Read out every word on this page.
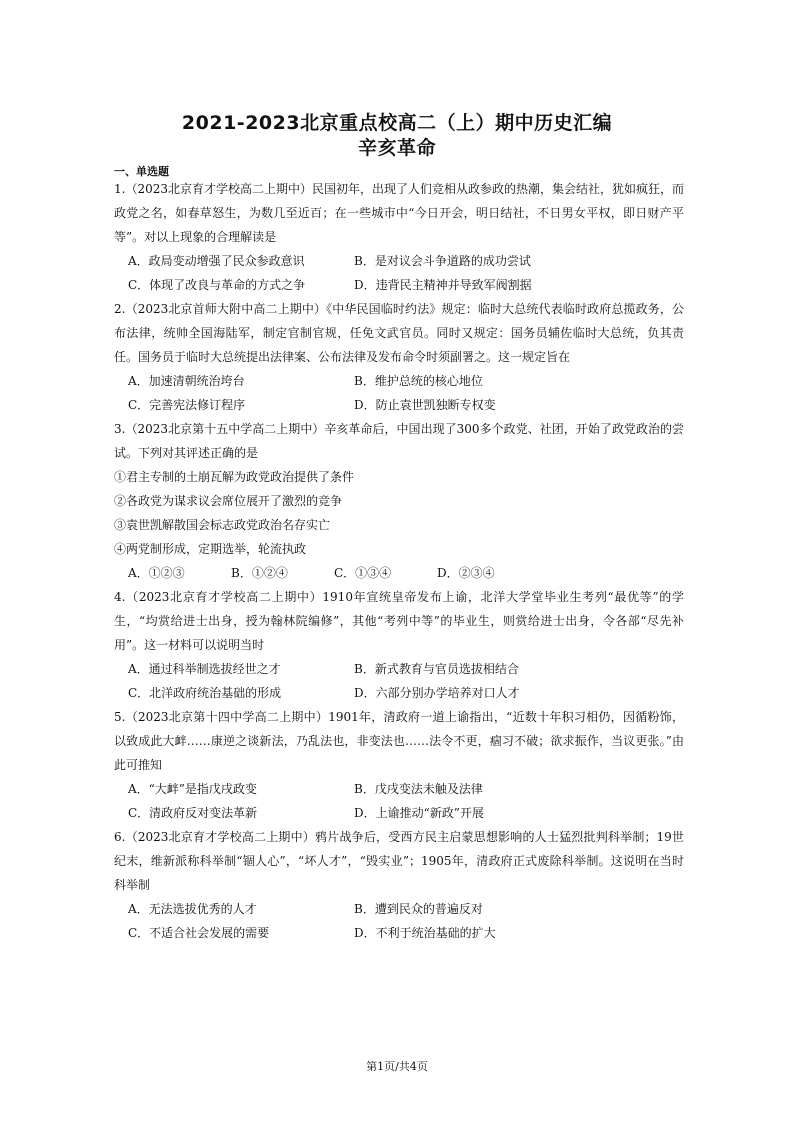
2021-2023北京重点校高二（上）期中历史汇编
辛亥革命
一、单选题

1.（2023北京育才学校高二上期中）民国初年，出现了人们竞相从政参政的热潮，集会结社，犹如疯狂，而政党之名，如春草怒生，为数几至近百；在一些城市中“今日开会，明日结社，不日男女平权，即日财产平等”。对以上现象的合理解读是

A．政局变动增强了民众参政意识	B．是对议会斗争道路的成功尝试
C．体现了改良与革命的方式之争	D．违背民主精神并导致军阀割据

2.（2023北京首师大附中高二上期中）《中华民国临时约法》规定：临时大总统代表临时政府总揽政务，公布法律，统帅全国海陆军，制定官制官规，任免文武官员。同时又规定：国务员辅佐临时大总统，负其责任。国务员于临时大总统提出法律案、公布法律及发布命令时须副署之。这一规定旨在

A．加速清朝统治垮台	B．维护总统的核心地位
C．完善宪法修订程序	D．防止袁世凯独断专权变

3.（2023北京第十五中学高二上期中）辛亥革命后，中国出现了300多个政党、社团，开始了政党政治的尝试。下列对其评述正确的是

①君主专制的土崩瓦解为政党政治提供了条件

②各政党为谋求议会席位展开了激烈的竞争

③袁世凯解散国会标志政党政治名存实亡

④两党制形成，定期选举，轮流执政

A．①②③	B．①②④	C．①③④	D．②③④

4.（2023北京育才学校高二上期中）1910年宣统皇帝发布上谕，北洋大学堂毕业生考列“最优等”的学生，“均赏给进士出身，授为翰林院编修”，其他“考列中等”的毕业生，则赏给进士出身，令各部“尽先补用”。这一材料可以说明当时

A．通过科举制选拔经世之才	B．新式教育与官员选拔相结合
C．北洋政府统治基础的形成	D．六部分别办学培养对口人才

5.（2023北京第十四中学高二上期中）1901年，清政府一道上谕指出，“近数十年积习相仍，因循粉饰，以致成此大衅……康逆之谈新法，乃乱法也，非变法也……法令不更，痼习不破；欲求振作，当议更张。”由此可推知

A．“大衅”是指戊戌政变	B．戊戌变法未触及法律
C．清政府反对变法革新	D．上谕推动“新政”开展

6.（2023北京育才学校高二上期中）鸦片战争后，受西方民主启蒙思想影响的人士猛烈批判科举制；19世纪末，维新派称科举制“锢人心”，“坏人才”，“毁实业”；1905年，清政府正式废除科举制。这说明在当时科举制

A．无法选拔优秀的人才	B．遭到民众的普遍反对
C．不适合社会发展的需要	D．不利于统治基础的扩大
第1页/共4页
